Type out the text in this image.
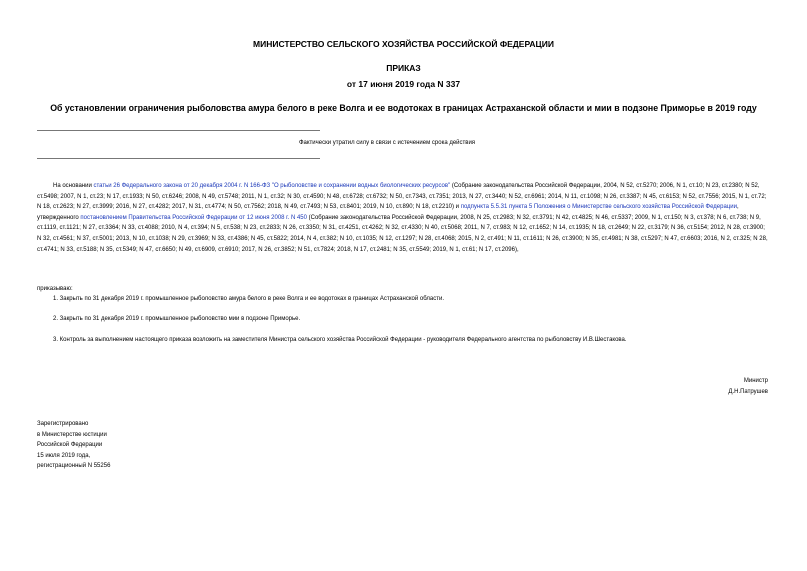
МИНИСТЕРСТВО СЕЛЬСКОГО ХОЗЯЙСТВА РОССИЙСКОЙ ФЕДЕРАЦИИ
ПРИКАЗ
от 17 июня 2019 года N 337
Об установлении ограничения рыболовства амура белого в реке Волга и ее водотоках в границах Астраханской области и мии в подзоне Приморье в 2019 году
Фактически утратил силу в связи с истечением срока действия
На основании статьи 26 Федерального закона от 20 декабря 2004 г. N 166-ФЗ "О рыболовстве и сохранении водных биологических ресурсов" (Собрание законодательства Российской Федерации, 2004, N 52, ст.5270; 2006, N 1, ст.10; N 23, ст.2380; N 52, ст.5498; 2007, N 1, ст.23; N 17, ст.1933; N 50, ст.6246; 2008, N 49, ст.5748; 2011, N 1, ст.32; N 30, ст.4590; N 48, ст.6728; ст.6732; N 50, ст.7343, ст.7351; 2013, N 27, ст.3440; N 52, ст.6961; 2014, N 11, ст.1098; N 26, ст.3387; N 45, ст.6153; N 52, ст.7556; 2015, N 1, ст.72; N 18, ст.2623; N 27, ст.3999; 2016, N 27, ст.4282; 2017, N 31, ст.4774; N 50, ст.7562; 2018, N 49, ст.7493; N 53, ст.8401; 2019, N 10, ст.890; N 18, ст.2210) и подпункта 5.5.31 пункта 5 Положения о Министерстве сельского хозяйства Российской Федерации, утвержденного постановлением Правительства Российской Федерации от 12 июня 2008 г. N 450 (Собрание законодательства Российской Федерации, 2008, N 25, ст.2983; N 32, ст.3791; N 42, ст.4825; N 46, ст.5337; 2009, N 1, ст.150; N 3, ст.378; N 6, ст.738; N 9, ст.1119, ст.1121; N 27, ст.3364; N 33, ст.4088; 2010, N 4, ст.394; N 5, ст.538; N 23, ст.2833; N 26, ст.3350; N 31, ст.4251, ст.4262; N 32, ст.4330; N 40, ст.5068; 2011, N 7, ст.983; N 12, ст.1652; N 14, ст.1935; N 18, ст.2649; N 22, ст.3179; N 36, ст.5154; 2012, N 28, ст.3900; N 32, ст.4561; N 37, ст.5001; 2013, N 10, ст.1038; N 29, ст.3969; N 33, ст.4386; N 45, ст.5822; 2014, N 4, ст.382; N 10, ст.1035; N 12, ст.1297; N 28, ст.4068; 2015, N 2, ст.491; N 11, ст.1611; N 26, ст.3900; N 35, ст.4981; N 38, ст.5297; N 47, ст.6603; 2016, N 2, ст.325; N 28, ст.4741; N 33, ст.5188; N 35, ст.5349; N 47, ст.6650; N 49, ст.6909, ст.6910; 2017, N 26, ст.3852; N 51, ст.7824; 2018, N 17, ст.2481; N 35, ст.5549; 2019, N 1, ст.61; N 17, ст.2096),
приказываю:
1. Закрыть по 31 декабря 2019 г. промышленное рыболовство амура белого в реке Волга и ее водотоках в границах Астраханской области.
2. Закрыть по 31 декабря 2019 г. промышленное рыболовство мии в подзоне Приморье.
3. Контроль за выполнением настоящего приказа возложить на заместителя Министра сельского хозяйства Российской Федерации - руководителя Федерального агентства по рыболовству И.В.Шестакова.
Министр
Д.Н.Патрушев
Зарегистрировано
в Министерстве юстиции
Российской Федерации
15 июля 2019 года,
регистрационный N 55256
